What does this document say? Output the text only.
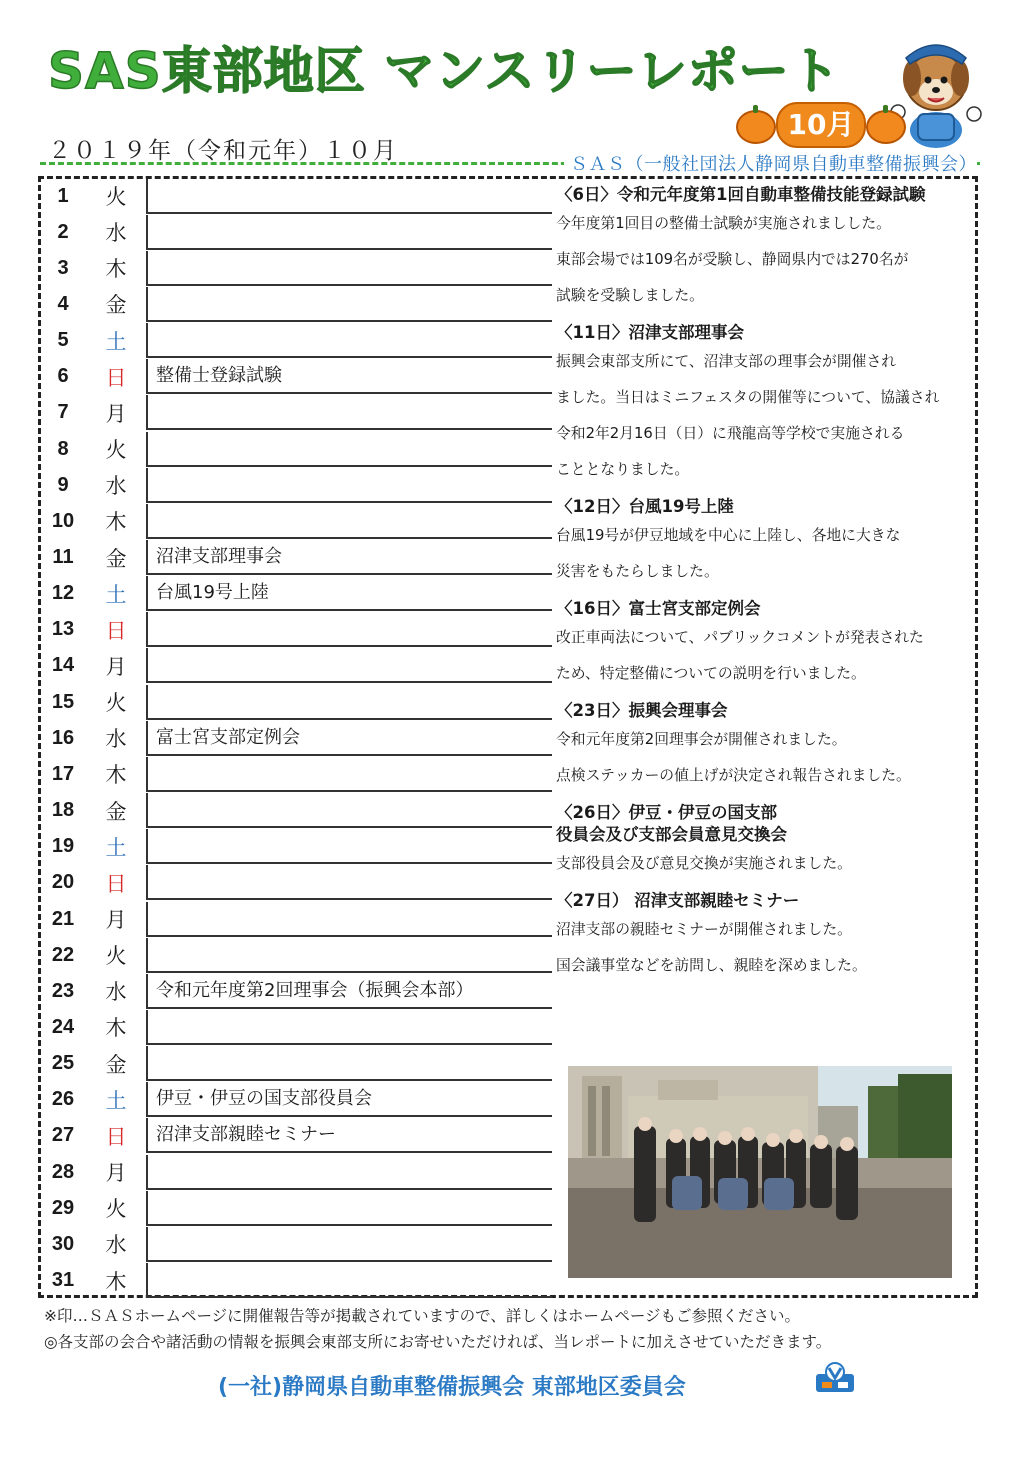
SAS東部地区 マンスリーレポート
10月
２０１９年（令和元年）１０月
ＳＡＳ（一般社団法人静岡県自動車整備振興会）
1	火
2	水
3	木
4	金
5	土
6	日	整備士登録試験
7	月
8	火
9	水
10	木
11	金	沼津支部理事会
12	土	台風19号上陸
13	日
14	月
15	火
16	水	富士宮支部定例会
17	木
18	金
19	土
20	日
21	月
22	火
23	水	令和元年度第2回理事会（振興会本部）
24	木
25	金
26	土	伊豆・伊豆の国支部役員会
27	日	沼津支部親睦セミナー
28	月
29	火
30	水
31	木
〈6日〉令和元年度第1回自動車整備技能登録試験
今年度第1回目の整備士試験が実施されましした。
東部会場では109名が受験し、静岡県内では270名が
試験を受験しました。
〈11日〉沼津支部理事会
振興会東部支所にて、沼津支部の理事会が開催され
ました。当日はミニフェスタの開催等について、協議され
令和2年2月16日（日）に飛龍高等学校で実施される
こととなりました。
〈12日〉台風19号上陸
台風19号が伊豆地域を中心に上陸し、各地に大きな
災害をもたらしました。
〈16日〉富士宮支部定例会
改正車両法について、パブリックコメントが発表された
ため、特定整備についての説明を行いました。
〈23日〉振興会理事会
令和元年度第2回理事会が開催されました。
点検ステッカーの値上げが決定され報告されました。
〈26日〉伊豆・伊豆の国支部
役員会及び支部会員意見交換会
支部役員会及び意見交換が実施されました。
〈27日） 沼津支部親睦セミナー
沼津支部の親睦セミナーが開催されました。
国会議事堂などを訪問し、親睦を深めました。
※印…ＳＡＳホームページに開催報告等が掲載されていますので、詳しくはホームページもご参照ください。
◎各支部の会合や諸活動の情報を振興会東部支所にお寄せいただければ、当レポートに加えさせていただきます。
(一社)静岡県自動車整備振興会 東部地区委員会
